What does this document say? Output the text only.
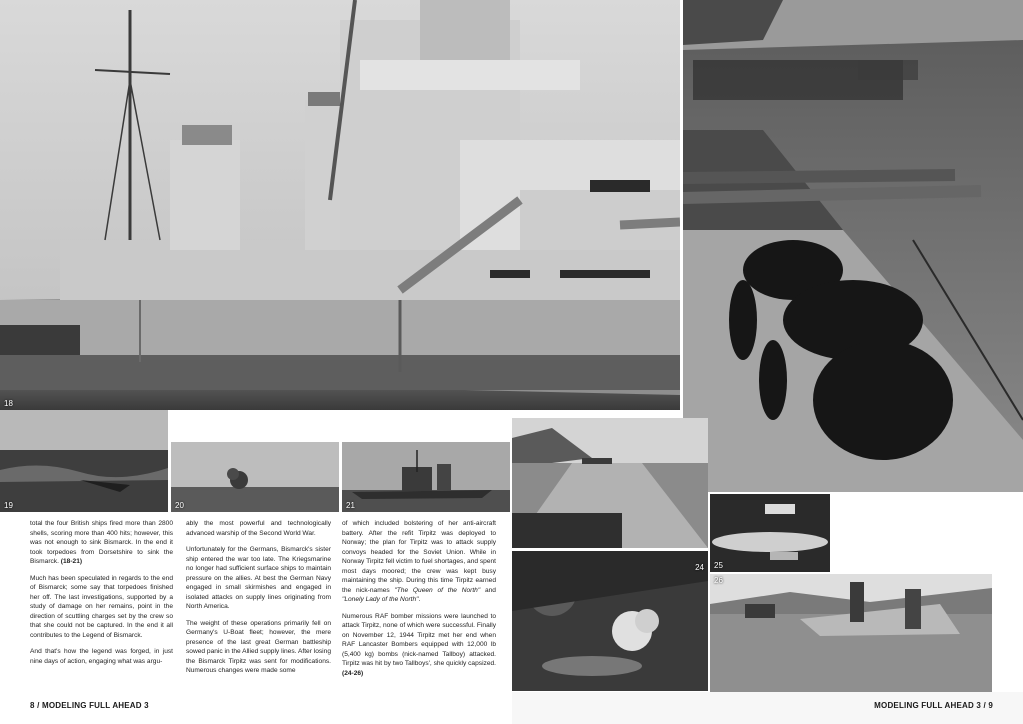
18
19	20	21
24 25
26

total the four British ships fired more than 2800 shells, scoring more than 400 hits; however, this was not enough to sink Bismarck. In the end it took torpedoes from Dorsetshire to sink the Bismarck. (18-21)

Much has been speculated in regards to the end of Bismarck; some say that torpedoes finished her off. The last investigations, supported by a study of damage on her remains, point in the direction of scuttling charges set by the crew so that she could not be captured. In the end it all contributes to the Legend of Bismarck.

And that's how the legend was forged, in just nine days of action, engaging what was argu-

ably the most powerful and technologically advanced warship of the Second World War.

Unfortunately for the Germans, Bismarck's sister ship entered the war too late. The Kriegsmarine no longer had sufficient surface ships to maintain pressure on the allies. At best the German Navy engaged in small skirmishes and engaged in isolated attacks on supply lines originating from North America.

The weight of these operations primarily fell on Germany's U-Boat fleet; however, the mere presence of the last great German battleship sowed panic in the Allied supply lines. After losing the Bismarck Tirpitz was sent for modifications. Numerous changes were made some

of which included bolstering of her anti-aircraft battery. After the refit Tirpitz was deployed to Norway; the plan for Tirpitz was to attack supply convoys headed for the Soviet Union. While in Norway Tirpitz fell victim to fuel shortages, and spent most days moored; the crew was kept busy maintaining the ship. During this time Tirpitz earned the nick-names "The Queen of the North" and "Lonely Lady of the North".

Numerous RAF bomber missions were launched to attack Tirpitz, none of which were successful. Finally on November 12, 1944 Tirpitz met her end when RAF Lancaster Bombers equipped with 12,000 lb (5,400 kg) bombs (nick-named Tallboy) attacked. Tirpitz was hit by two Tallboys', she quickly capsized. (24-26)

8 / MODELING FULL AHEAD 3	MODELING FULL AHEAD 3 / 9
